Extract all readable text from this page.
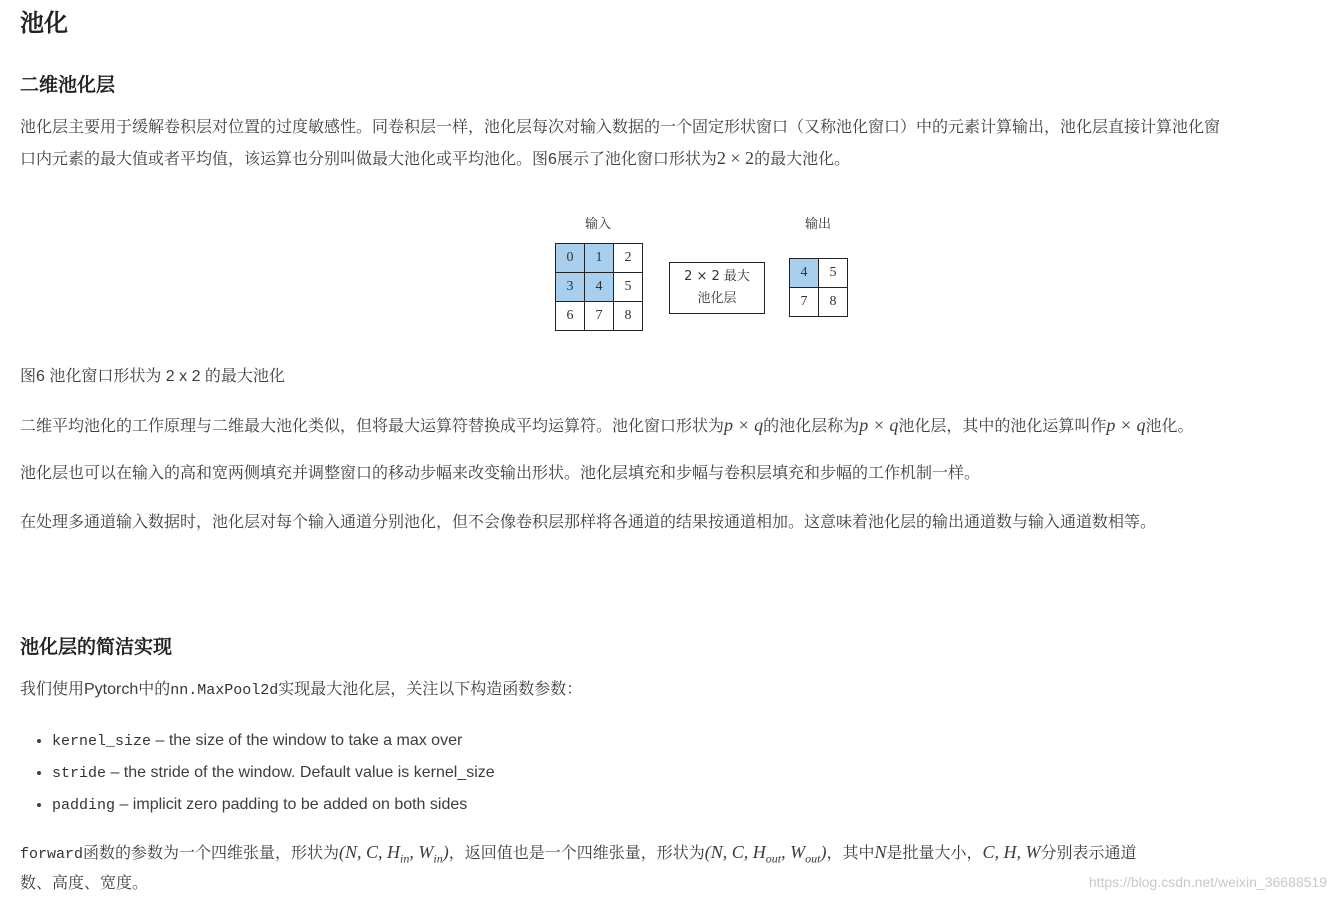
池化
二维池化层
池化层主要用于缓解卷积层对位置的过度敏感性。同卷积层一样，池化层每次对输入数据的一个固定形状窗口（又称池化窗口）中的元素计算输出，池化层直接计算池化窗
口内元素的最大值或者平均值，该运算也分别叫做最大池化或平均池化。图6展示了池化窗口形状为2 × 2的最大池化。
输入	输出
0	1	2
3	4	5
6	7	8
2 × 2 最大
池化层
4	5
7	8
图6 池化窗口形状为 2 x 2 的最大池化
二维平均池化的工作原理与二维最大池化类似，但将最大运算符替换成平均运算符。池化窗口形状为p × q的池化层称为p × q池化层，其中的池化运算叫作p × q池化。
池化层也可以在输入的高和宽两侧填充并调整窗口的移动步幅来改变输出形状。池化层填充和步幅与卷积层填充和步幅的工作机制一样。
在处理多通道输入数据时，池化层对每个输入通道分别池化，但不会像卷积层那样将各通道的结果按通道相加。这意味着池化层的输出通道数与输入通道数相等。
池化层的简洁实现
我们使用Pytorch中的nn.MaxPool2d实现最大池化层，关注以下构造函数参数：
• kernel_size – the size of the window to take a max over
• stride – the stride of the window. Default value is kernel_size
• padding – implicit zero padding to be added on both sides
forward函数的参数为一个四维张量，形状为(N, C, $H_{in}$, $W_{in}$)，返回值也是一个四维张量，形状为(N, C, $H_{out}$, $W_{out}$)，其中N是批量大小，C, H, W分别表示通道
数、高度、宽度。	https://blog.csdn.net/weixin_36688519
